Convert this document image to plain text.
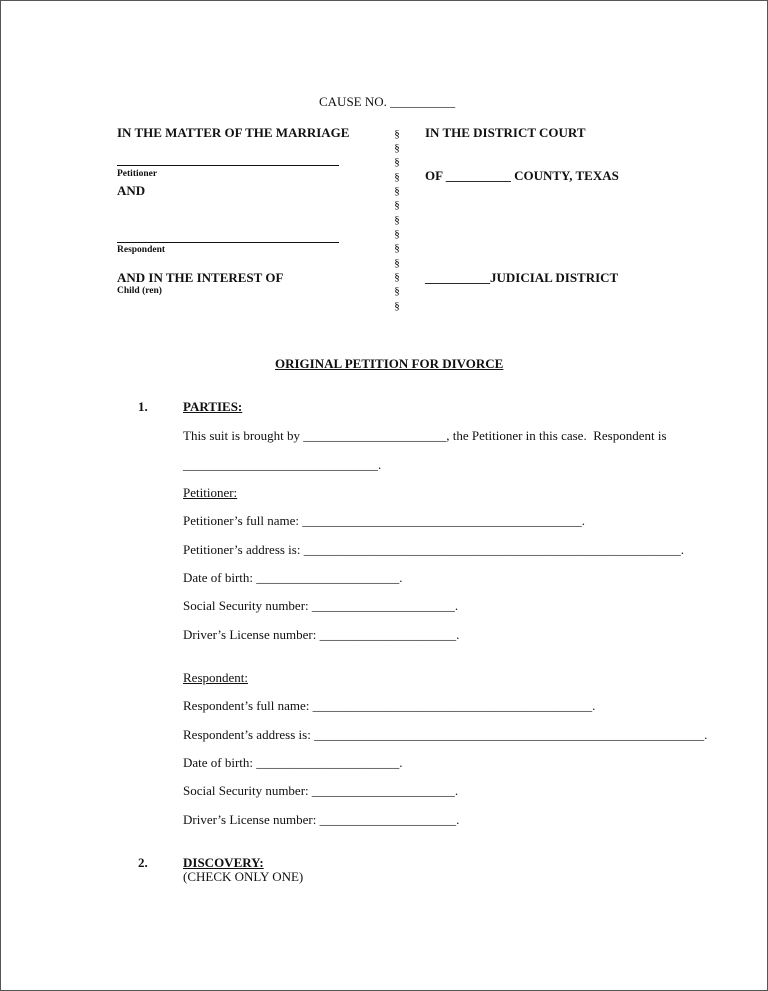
CAUSE NO. __________
IN THE MATTER OF THE MARRIAGE
Petitioner
AND
Respondent
AND IN THE INTEREST OF
Child (ren)
§
§
§
§
§
§
§
§
§
§
§
§
§
IN THE DISTRICT COURT
OF __________ COUNTY, TEXAS
__________JUDICIAL DISTRICT
ORIGINAL PETITION FOR DIVORCE
1.	PARTIES:
This suit is brought by ______________________, the Petitioner in this case.  Respondent is
______________________________.
Petitioner:
Petitioner’s full name: ___________________________________________.
Petitioner’s address is: __________________________________________________________.
Date of birth: ______________________.
Social Security number: ______________________.
Driver’s License number: _____________________.
Respondent:
Respondent’s full name: ___________________________________________.
Respondent’s address is: ____________________________________________________________.
Date of birth: ______________________.
Social Security number: ______________________.
Driver’s License number: _____________________.
2.	DISCOVERY:
(CHECK ONLY ONE)
